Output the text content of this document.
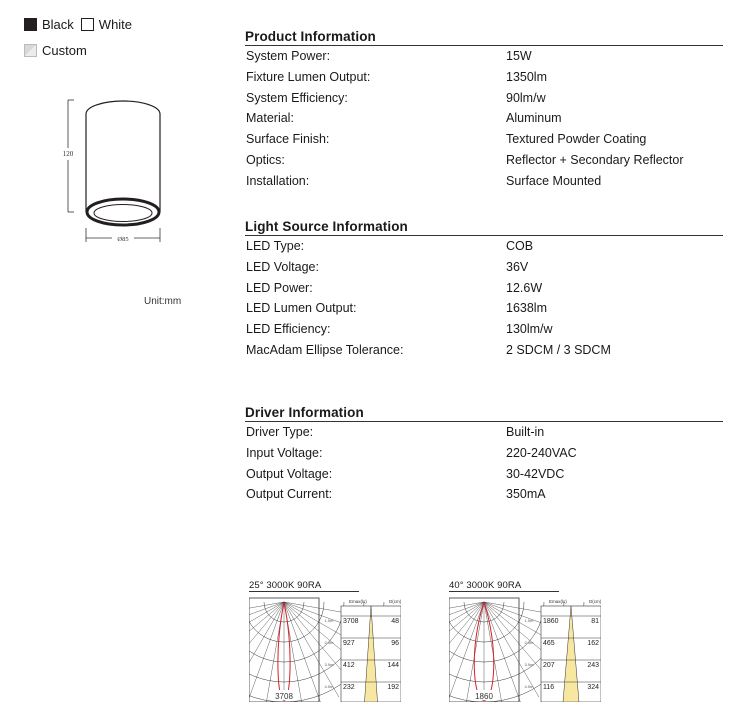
Black White
Custom
120
Ø85
Unit:mm
Product Information
System Power:	15W
Fixture Lumen Output:	1350lm
System Efficiency:	90lm/w
Material:	Aluminum
Surface Finish:	Textured Powder Coating
Optics:	Reflector + Secondary Reflector
Installation:	Surface Mounted
Light Source Information
LED Type:	COB
LED Voltage:	36V
LED Power:	12.6W
LED Lumen Output:	1638lm
LED Efficiency:	130lm/w
MacAdam Ellipse Tolerance:	2 SDCM / 3 SDCM
Driver Information
Driver Type:	Built-in
Input Voltage:	220-240VAC
Output Voltage:	30-42VDC
Output Current:	350mA
25° 3000K 90RA
3708
1.0m
2.0m
3.0m
4.0m
Emax(lx)	D(cm)
3708	48
927	96
412	144
232	192
40° 3000K 90RA
1860
1.0m
2.0m
3.0m
4.0m
Emax(lx)	D(cm)
1860	81
465	162
207	243
116	324
